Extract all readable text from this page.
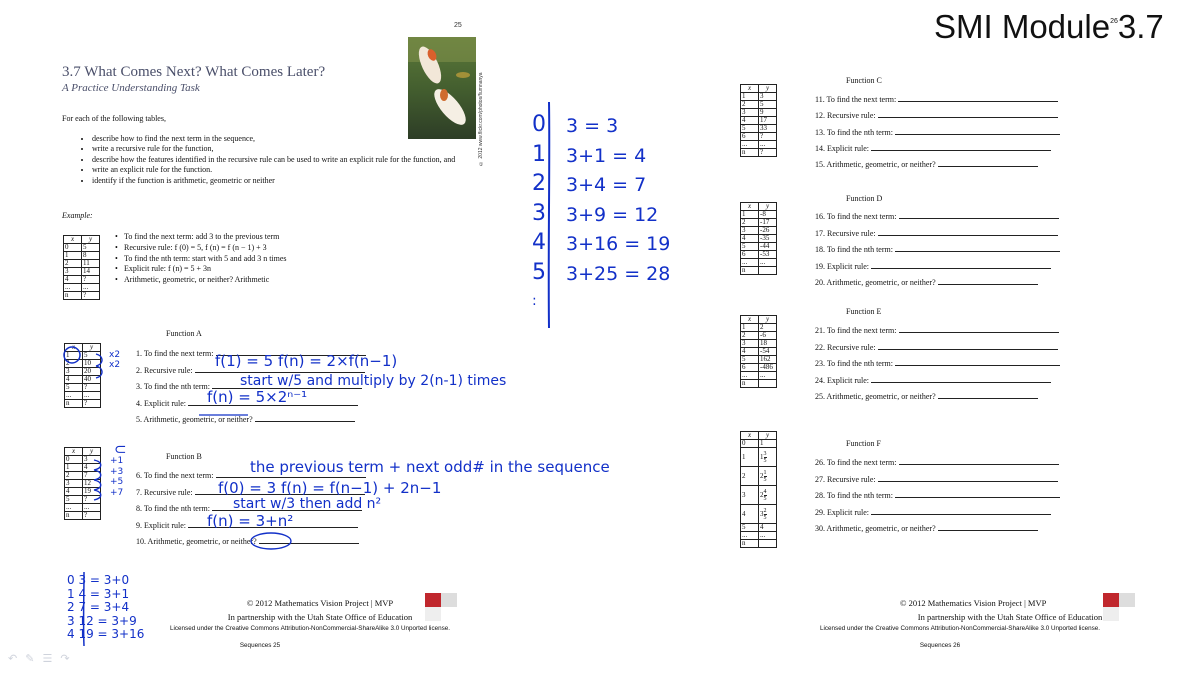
25	SMI Module$^{26}$3.7
3.7 What Comes Next? What Comes Later?
A Practice Understanding Task	© 2012 www.flickr.com/photos/fiumnanya
For each of the following tables,
• describe how to find the next term in the sequence,
• write a recursive rule for the function,
• describe how the features identified in the recursive rule can be used to write an explicit rule for the function, and
• write an explicit rule for the function.
• identify if the function is arithmetic, geometric or neither
Example:
x	y
0	5
1	8
2	11
3	14
4	?
...	...
n	?
To find the next term: add 3 to the previous term
Recursive rule: f (0) = 5, f (n) = f (n − 1) + 3
To find the nth term: start with 5 and add 3 n times
Explicit rule: f (n) = 5 + 3n
Arithmetic, geometric, or neither? Arithmetic
•
•
•
•
•
Function A
x	y
1	5
2	10
3	20
4	40
5	?
...	...
n	?
1. To find the next term:
2. Recursive rule:
3. To find the nth term:
4. Explicit rule:
5. Arithmetic, geometric, or neither?
Function B
x	y
0	3
1	4
2	7
3	12
4	19
5	?
...	...
n	?
6. To find the next term:
7. Recursive rule:
8. To find the nth term:
9. Explicit rule:
10. Arithmetic, geometric, or neither?
© 2012 Mathematics Vision Project | MVP
In partnership with the Utah State Office of Education
Licensed under the Creative Commons Attribution-NonCommercial-ShareAlike 3.0 Unported license.
Sequences 25
x	y
1	3
2	5
3	9
4	17
5	33
6	?
...	...
n	?
Function C
11. To find the next term:
12. Recursive rule:
13. To find the nth term:
14. Explicit rule:
15. Arithmetic, geometric, or neither?
x	y
1	-8
2	-17
3	-26
4	-35
5	-44
6	-53
...	...
n	
Function D
16. To find the next term:
17. Recursive rule:
18. To find the nth term:
19. Explicit rule:
20. Arithmetic, geometric, or neither?
x	y
1	2
2	-6
3	18
4	-54
5	162
6	-486
...	...
n	
Function E
21. To find the next term:
22. Recursive rule:
23. To find the nth term:
24. Explicit rule:
25. Arithmetic, geometric, or neither?
x	y
0	1
1	$1 \frac{3}{5}$

2	$2 \frac{1}{5}$

3	$2 \frac{4}{5}$

4	$3 \frac{2}{5}$

5	4
...	...
n	
Function F
26. To find the next term:
27. Recursive rule:
28. To find the nth term:
29. Explicit rule:
30. Arithmetic, geometric, or neither?
© 2012 Mathematics Vision Project | MVP
In partnership with the Utah State Office of Education
Licensed under the Creative Commons Attribution-NonCommercial-ShareAlike 3.0 Unported license.
Sequences 26
0
1
2
3
4
5
:
3 = 3
3+1 = 4
3+4 = 7
3+9 = 12
3+16 = 19
3+25 = 28
x2
x2	f(1) = 5 f(n) = 2×f(n−1)
start w/5 and multiply by 2(n-1) times
f(n) = 5×2ⁿ⁻¹
⊂
+1
+3
+5
+7
the previous term + next odd# in the sequence
f(0) = 3 f(n) = f(n−1) + 2n−1
start w/3 then add n²
f(n) = 3+n²
0 3 = 3+0
1 4 = 3+1
2 7 = 3+4
3 12 = 3+9
4 19 = 3+16
↶✎☰↷
